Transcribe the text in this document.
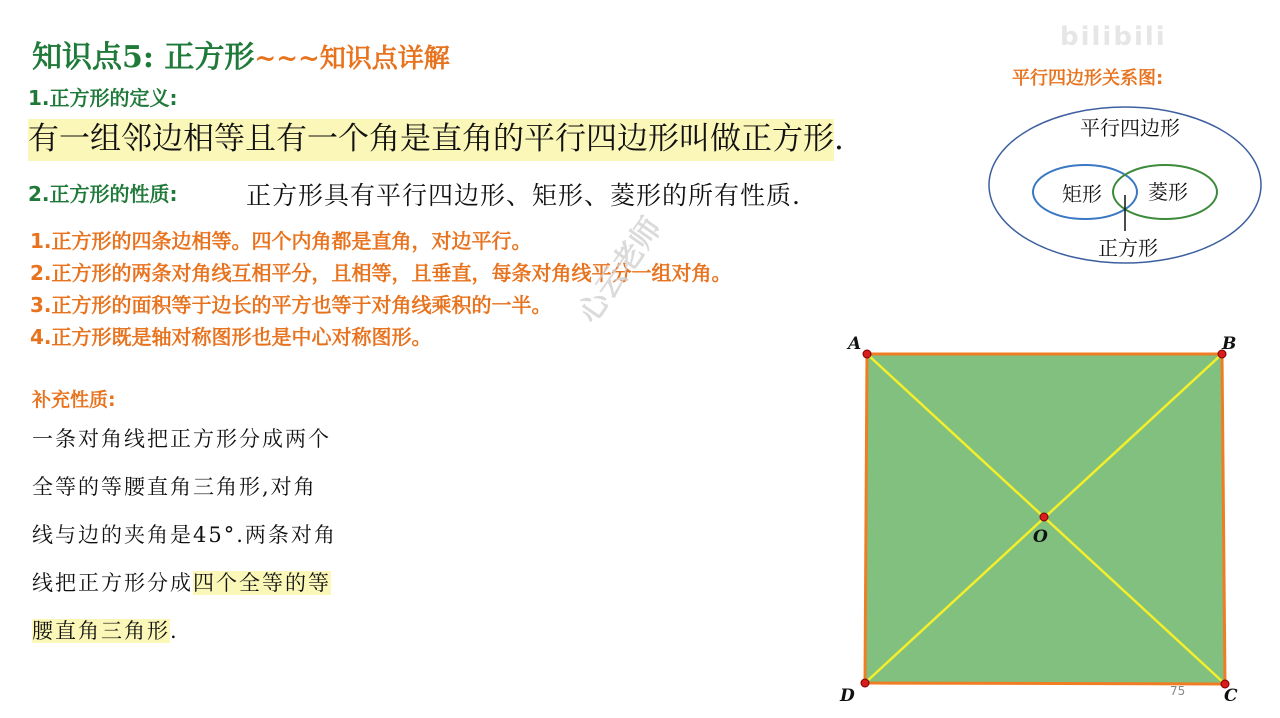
bilibili
知识点5: 正方形~~~知识点详解
1.正方形的定义:
有一组邻边相等且有一个角是直角的平行四边形叫做正方形.
2.正方形的性质:	正方形具有平行四边形、矩形、菱形的所有性质.
1.正方形的四条边相等。四个内角都是直角，对边平行。
2.正方形的两条对角线互相平分，且相等，且垂直，每条对角线平分一组对角。
3.正方形的面积等于边长的平方也等于对角线乘积的一半。
4.正方形既是轴对称图形也是中心对称图形。
心云老师
补充性质:
一条对角线把正方形分成两个
全等的等腰直角三角形,对角
线与边的夹角是45°.两条对角
线把正方形分成四个全等的等
腰直角三角形.
平行四边形关系图:
平行四边形
矩形 菱形
正方形
A	B
C
D
O
75
